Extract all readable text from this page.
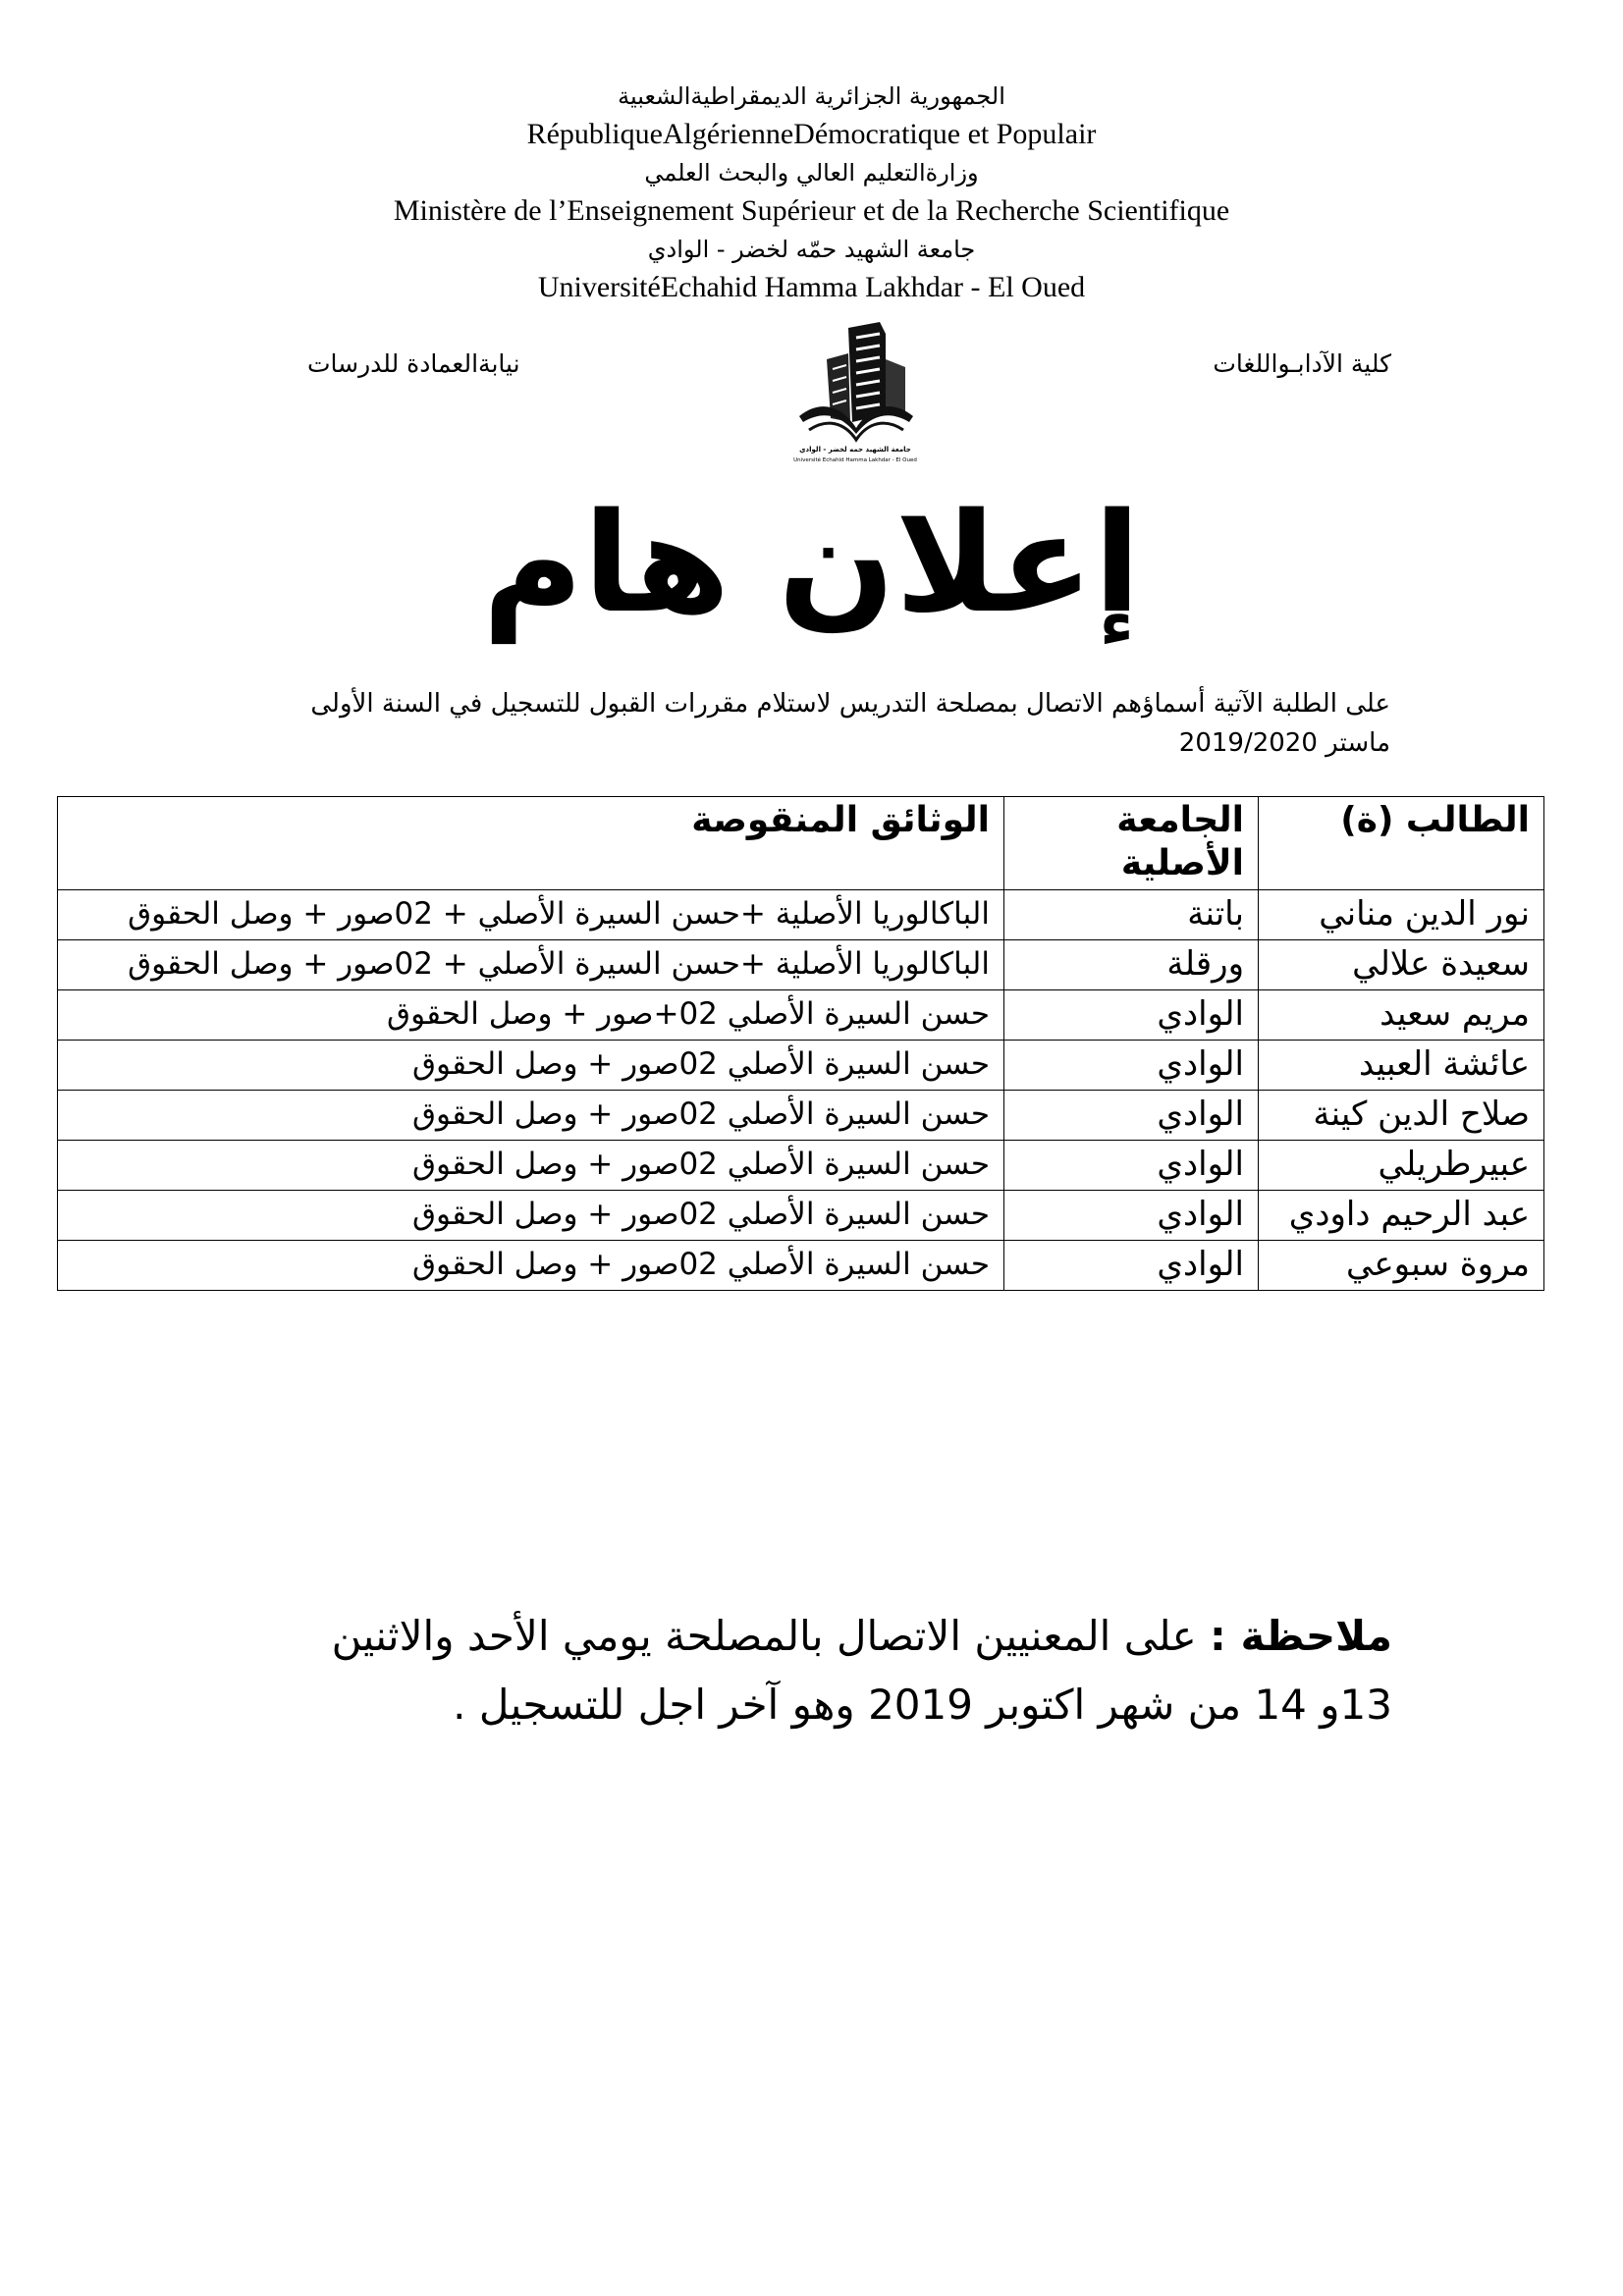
الجمهورية الجزائرية الديمقراطيةالشعبية
RépubliqueAlgérienneDémocratique et Populair
وزارةالتعليم العالي والبحث العلمي
Ministère de l’Enseignement Supérieur et de la Recherche Scientifique
جامعة الشهيد حمّه لخضر - الوادي
UniversitéEchahid Hamma Lakhdar - El Oued
كلية الآدابـواللغات
نيابةالعمادة للدرسات
جامعة الشهيد حمه لخضر - الوادي
Université Echahid Hamma Lakhdar - El Oued
إعلان هام
على الطلبة الآتية أسماؤهم الاتصال بمصلحة التدريس لاستلام مقررات القبول للتسجيل في السنة الأولى ماستر 2019/2020
الطالب (ة)	الجامعة الأصلية	الوثائق المنقوصة
نور الدين مناني	باتنة	الباكالوريا الأصلية +حسن السيرة الأصلي + 02صور + وصل الحقوق
سعيدة علالي	ورقلة	الباكالوريا الأصلية +حسن السيرة الأصلي + 02صور + وصل الحقوق
مريم سعيد	الوادي	حسن السيرة الأصلي 02+صور + وصل الحقوق
عائشة العبيد	الوادي	حسن السيرة الأصلي 02صور + وصل الحقوق
صلاح الدين كينة	الوادي	حسن السيرة الأصلي 02صور + وصل الحقوق
عبيرطريلي	الوادي	حسن السيرة الأصلي 02صور + وصل الحقوق
عبد الرحيم داودي	الوادي	حسن السيرة الأصلي 02صور + وصل الحقوق
مروة سبوعي	الوادي	حسن السيرة الأصلي 02صور + وصل الحقوق
ملاحظة : على المعنيين الاتصال بالمصلحة يومي الأحد والاثنين 13و 14 من شهر اكتوبر 2019 وهو آخر اجل للتسجيل .
